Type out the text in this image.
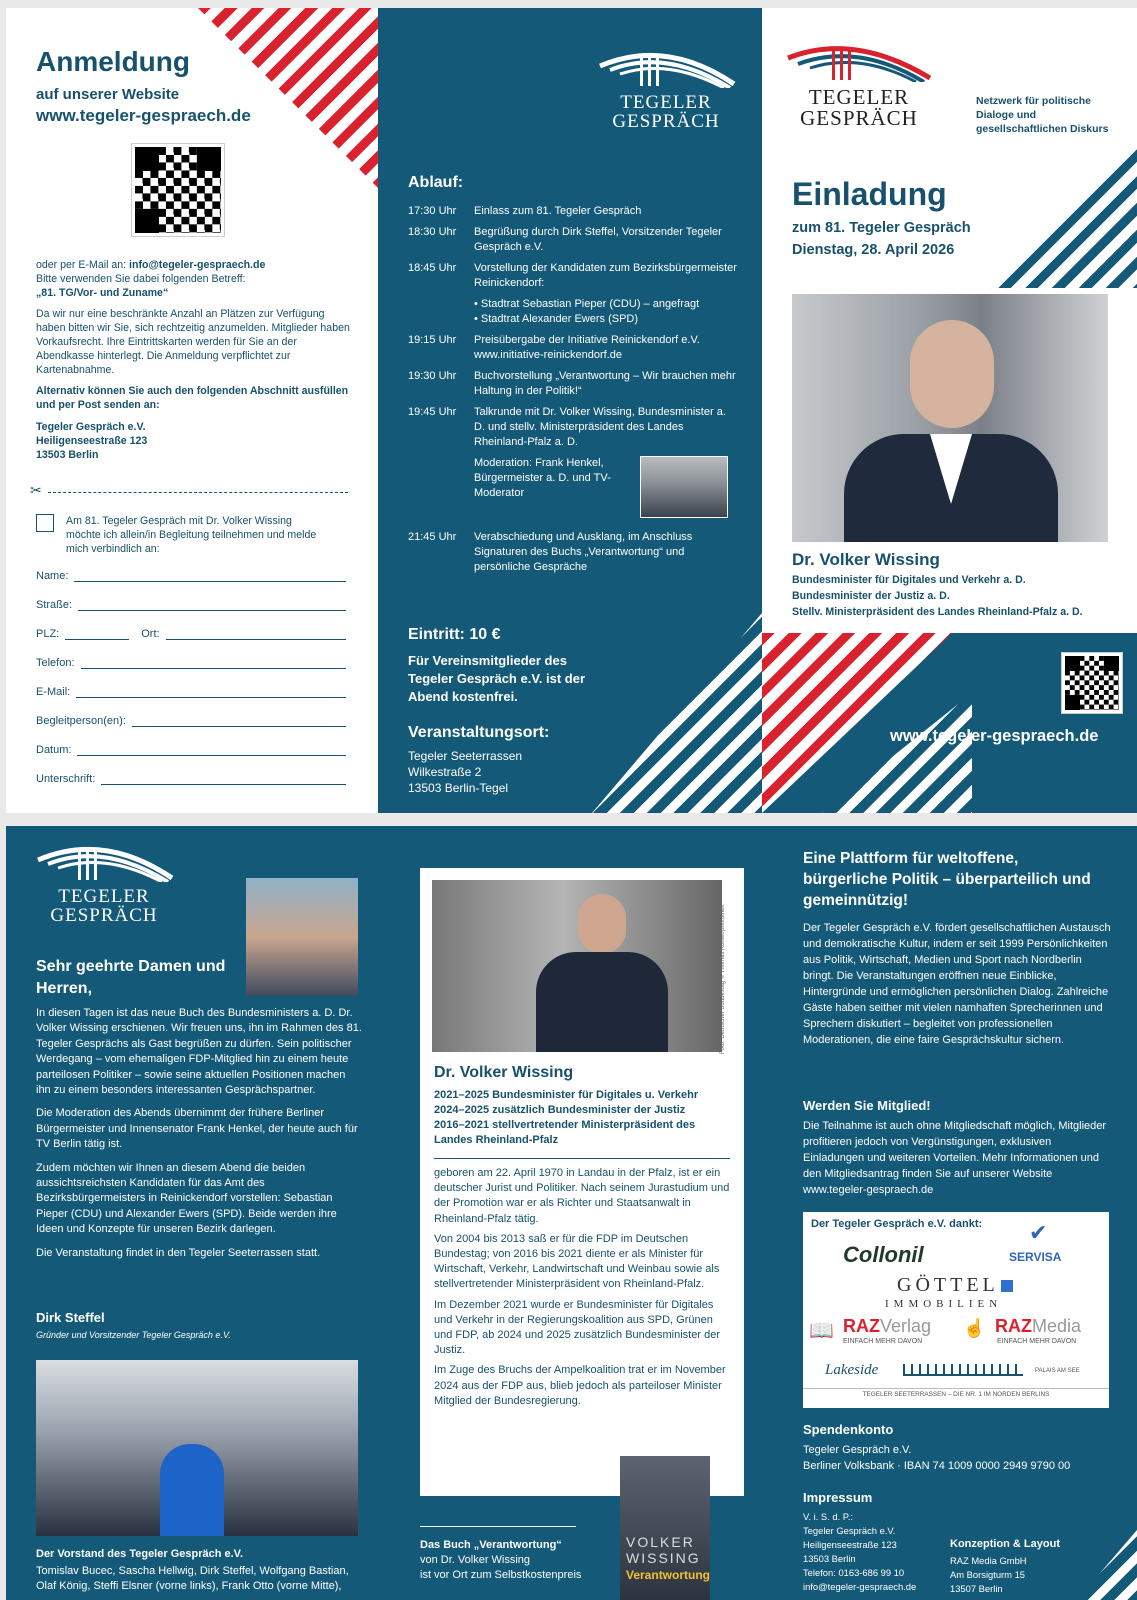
Anmeldung
auf unserer Website
www.tegeler-gespraech.de
oder per E-Mail an: info@tegeler-gespraech.de
Bitte verwenden Sie dabei folgenden Betreff:
„81. TG/Vor- und Zuname“
Da wir nur eine beschränkte Anzahl an Plätzen zur Verfügung haben bitten wir Sie, sich rechtzeitig anzumelden. Mitglieder haben Vorkaufsrecht. Ihre Eintrittskarten werden für Sie an der Abendkasse hinterlegt. Die Anmeldung verpflichtet zur Kartenabnahme.
Alternativ können Sie auch den folgenden Abschnitt ausfüllen und per Post senden an:
Tegeler Gespräch e.V.
Heiligenseestraße 123
13503 Berlin
✂
Am 81. Tegeler Gespräch mit Dr. Volker Wissing möchte ich allein/in Begleitung teilnehmen und melde mich verbindlich an:
Name:
Straße:
PLZ:	Ort:
Telefon:
E-Mail:
Begleitperson(en):
Datum:
Unterschrift:
TEGELER
GESPRÄCH
Ablauf:
17:30 Uhr	Einlass zum 81. Tegeler Gespräch
18:30 Uhr	Begrüßung durch Dirk Steffel, Vorsitzender Tegeler Gespräch e.V.
18:45 Uhr	Vorstellung der Kandidaten zum Bezirksbürgermeister Reinickendorf:
• Stadtrat Sebastian Pieper (CDU) – angefragt
• Stadtrat Alexander Ewers (SPD)
19:15 Uhr	Preisübergabe der Initiative Reinickendorf e.V. www.initiative-reinickendorf.de
19:30 Uhr	Buchvorstellung „Verantwortung – Wir brauchen mehr Haltung in der Politik!“
19:45 Uhr	Talkrunde mit Dr. Volker Wissing, Bundesminister a. D. und stellv. Ministerpräsident des Landes Rheinland-Pfalz a. D.
Moderation: Frank Henkel, Bürgermeister a. D. und TV-Moderator
21:45 Uhr	Verabschiedung und Ausklang, im Anschluss Signaturen des Buchs „Verantwortung“ und persönliche Gespräche
Eintritt: 10 €
Für Vereinsmitglieder des Tegeler Gespräch e.V. ist der Abend kostenfrei.
Veranstaltungsort:
Tegeler Seeterrassen
Wilkestraße 2
13503 Berlin-Tegel
TEGELER
GESPRÄCH
Netzwerk für politische Dialoge und gesellschaftlichen Diskurs
Einladung
zum 81. Tegeler Gespräch
Dienstag, 28. April 2026
Dr. Volker Wissing
Bundesminister für Digitales und Verkehr a. D.
Bundesminister der Justiz a. D.
Stellv. Ministerpräsident des Landes Rheinland-Pfalz a. D.
www.tegeler-gespraech.de
TEGELER
GESPRÄCH
Sehr geehrte Damen und Herren,
In diesen Tagen ist das neue Buch des Bundesministers a. D. Dr. Volker Wissing erschienen. Wir freuen uns, ihn im Rahmen des 81. Tegeler Gesprächs als Gast begrüßen zu dürfen. Sein politischer Werdegang – vom ehemaligen FDP-Mitglied hin zu einem heute parteilosen Politiker – sowie seine aktuellen Positionen machen ihn zu einem besonders interessanten Gesprächspartner.
Die Moderation des Abends übernimmt der frühere Berliner Bürgermeister und Innensenator Frank Henkel, der heute auch für TV Berlin tätig ist.
Zudem möchten wir Ihnen an diesem Abend die beiden aussichtsreichsten Kandidaten für das Amt des Bezirksbürgermeisters in Reinickendorf vorstellen: Sebastian Pieper (CDU) und Alexander Ewers (SPD). Beide werden ihre Ideen und Konzepte für unseren Bezirk darlegen.
Die Veranstaltung findet in den Tegeler Seeterrassen statt.
Dirk Steffel
Gründer und Vorsitzender Tegeler Gespräch e.V.
Der Vorstand des Tegeler Gespräch e.V.
Tomislav Bucec, Sascha Hellwig, Dirk Steffel, Wolfgang Bastian, Olaf König, Steffi Elsner (vorne links), Frank Otto (vorne Mitte),
Foto: Deutscher Bundestag © Thomas Köhler/photothek
Dr. Volker Wissing
2021–2025 Bundesminister für Digitales u. Verkehr
2024–2025 zusätzlich Bundesminister der Justiz
2016–2021 stellvertretender Ministerpräsident des Landes Rheinland-Pfalz
geboren am 22. April 1970 in Landau in der Pfalz, ist er ein deutscher Jurist und Politiker. Nach seinem Jurastudium und der Promotion war er als Richter und Staatsanwalt in Rheinland-Pfalz tätig.
Von 2004 bis 2013 saß er für die FDP im Deutschen Bundestag; von 2016 bis 2021 diente er als Minister für Wirtschaft, Verkehr, Landwirtschaft und Weinbau sowie als stellvertretender Ministerpräsident von Rheinland-Pfalz.
Im Dezember 2021 wurde er Bundesminister für Digitales und Verkehr in der Regierungskoalition aus SPD, Grünen und FDP, ab 2024 und 2025 zusätzlich Bundesminister der Justiz.
Im Zuge des Bruchs der Ampelkoalition trat er im November 2024 aus der FDP aus, blieb jedoch als parteiloser Minister Mitglied der Bundesregierung.
Das Buch „Verantwortung“
von Dr. Volker Wissing
ist vor Ort zum Selbstkostenpreis
VOLKER
WISSING
Verantwortung
Eine Plattform für weltoffene, bürgerliche Politik – überparteilich und gemeinnützig!
Der Tegeler Gespräch e.V. fördert gesellschaftlichen Austausch und demokratische Kultur, indem er seit 1999 Persönlichkeiten aus Politik, Wirtschaft, Medien und Sport nach Nordberlin bringt. Die Veranstaltungen eröffnen neue Einblicke, Hintergründe und ermöglichen persönlichen Dialog. Zahlreiche Gäste haben seither mit vielen namhaften Sprecherinnen und Sprechern diskutiert – begleitet von professionellen Moderationen, die eine faire Gesprächskultur sichern.
Werden Sie Mitglied!
Die Teilnahme ist auch ohne Mitgliedschaft möglich, Mitglieder profitieren jedoch von Vergünstigungen, exklusiven Einladungen und weiteren Vorteilen. Mehr Informationen und den Mitgliedsantrag finden Sie auf unserer Website www.tegeler-gespraech.de
Der Tegeler Gespräch e.V. dankt:
Collonil
✔
SERVISA
GÖTTEL
IMMOBILIEN
📖 RAZVerlag
EINFACH MEHR DAVON
☝ RAZMedia
EINFACH MEHR DAVON
Lakeside	PALAIS AM SEE
TEGELER SEETERRASSEN – DIE NR. 1 IM NORDEN BERLINS
Spendenkonto
Tegeler Gespräch e.V.
Berliner Volksbank · IBAN 74 1009 0000 2949 9790 00
Impressum
V. i. S. d. P.:
Tegeler Gespräch e.V.
Heiligenseestraße 123
13503 Berlin
Telefon: 0163-686 99 10
info@tegeler-gespraech.de
Konzeption & Layout
RAZ Media GmbH
Am Borsigturm 15
13507 Berlin
